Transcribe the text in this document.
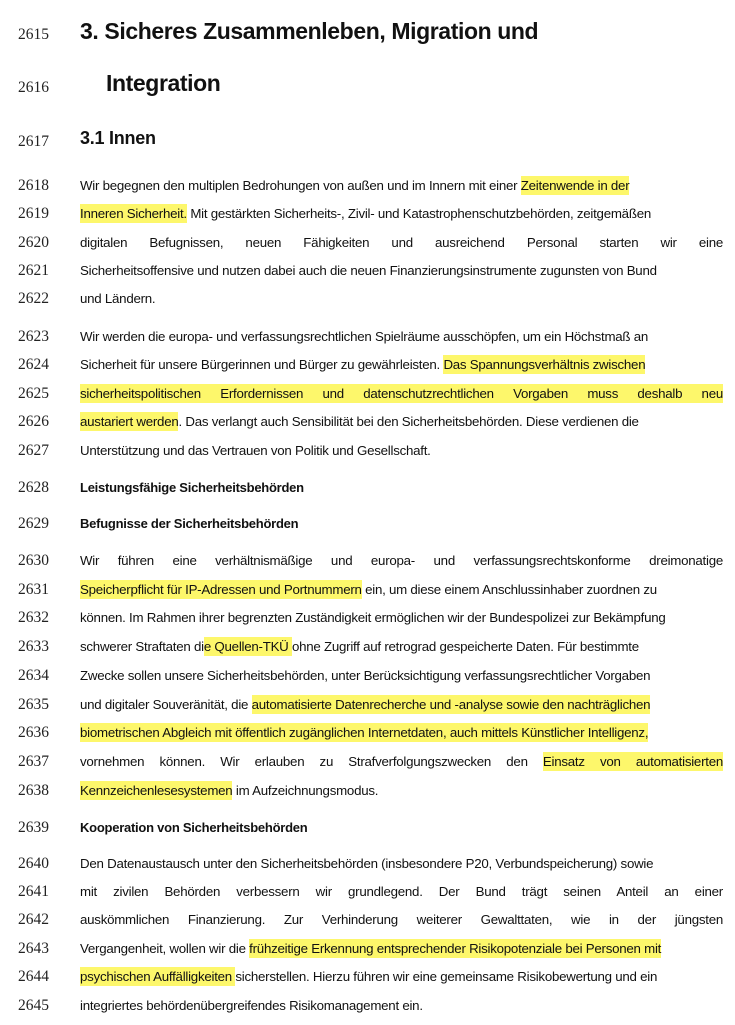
2615	3. Sicheres Zusammenleben, Migration und
2616	Integration
2617	3.1 Innen
2618	Wir begegnen den multiplen Bedrohungen von außen und im Innern mit einer Zeitenwende in der
2619	Inneren Sicherheit. Mit gestärkten Sicherheits-, Zivil- und Katastrophenschutzbehörden, zeitgemäßen
2620	digitalen Befugnissen, neuen Fähigkeiten und ausreichend Personal starten wir eine
2621	Sicherheitsoffensive und nutzen dabei auch die neuen Finanzierungsinstrumente zugunsten von Bund
2622	und Ländern.
2623	Wir werden die europa- und verfassungsrechtlichen Spielräume ausschöpfen, um ein Höchstmaß an
2624	Sicherheit für unsere Bürgerinnen und Bürger zu gewährleisten. Das Spannungsverhältnis zwischen
2625	sicherheitspolitischen Erfordernissen und datenschutzrechtlichen Vorgaben muss deshalb neu
2626	austariert werden. Das verlangt auch Sensibilität bei den Sicherheitsbehörden. Diese verdienen die
2627	Unterstützung und das Vertrauen von Politik und Gesellschaft.
2628	Leistungsfähige Sicherheitsbehörden
2629	Befugnisse der Sicherheitsbehörden
2630	Wir führen eine verhältnismäßige und europa- und verfassungsrechtskonforme dreimonatige
2631	Speicherpflicht für IP-Adressen und Portnummern ein, um diese einem Anschlussinhaber zuordnen zu
2632	können. Im Rahmen ihrer begrenzten Zuständigkeit ermöglichen wir der Bundespolizei zur Bekämpfung
2633	schwerer Straftaten die Quellen-TKÜ ohne Zugriff auf retrograd gespeicherte Daten. Für bestimmte
2634	Zwecke sollen unsere Sicherheitsbehörden, unter Berücksichtigung verfassungsrechtlicher Vorgaben
2635	und digitaler Souveränität, die automatisierte Datenrecherche und -analyse sowie den nachträglichen
2636	biometrischen Abgleich mit öffentlich zugänglichen Internetdaten, auch mittels Künstlicher Intelligenz,
2637	vornehmen können. Wir erlauben zu Strafverfolgungszwecken den Einsatz von automatisierten
2638	Kennzeichenlesesystemen im Aufzeichnungsmodus.
2639	Kooperation von Sicherheitsbehörden
2640	Den Datenaustausch unter den Sicherheitsbehörden (insbesondere P20, Verbundspeicherung) sowie
2641	mit zivilen Behörden verbessern wir grundlegend. Der Bund trägt seinen Anteil an einer
2642	auskömmlichen Finanzierung. Zur Verhinderung weiterer Gewalttaten, wie in der jüngsten
2643	Vergangenheit, wollen wir die frühzeitige Erkennung entsprechender Risikopotenziale bei Personen mit
2644	psychischen Auffälligkeiten sicherstellen. Hierzu führen wir eine gemeinsame Risikobewertung und ein
2645	integriertes behördenübergreifendes Risikomanagement ein.
